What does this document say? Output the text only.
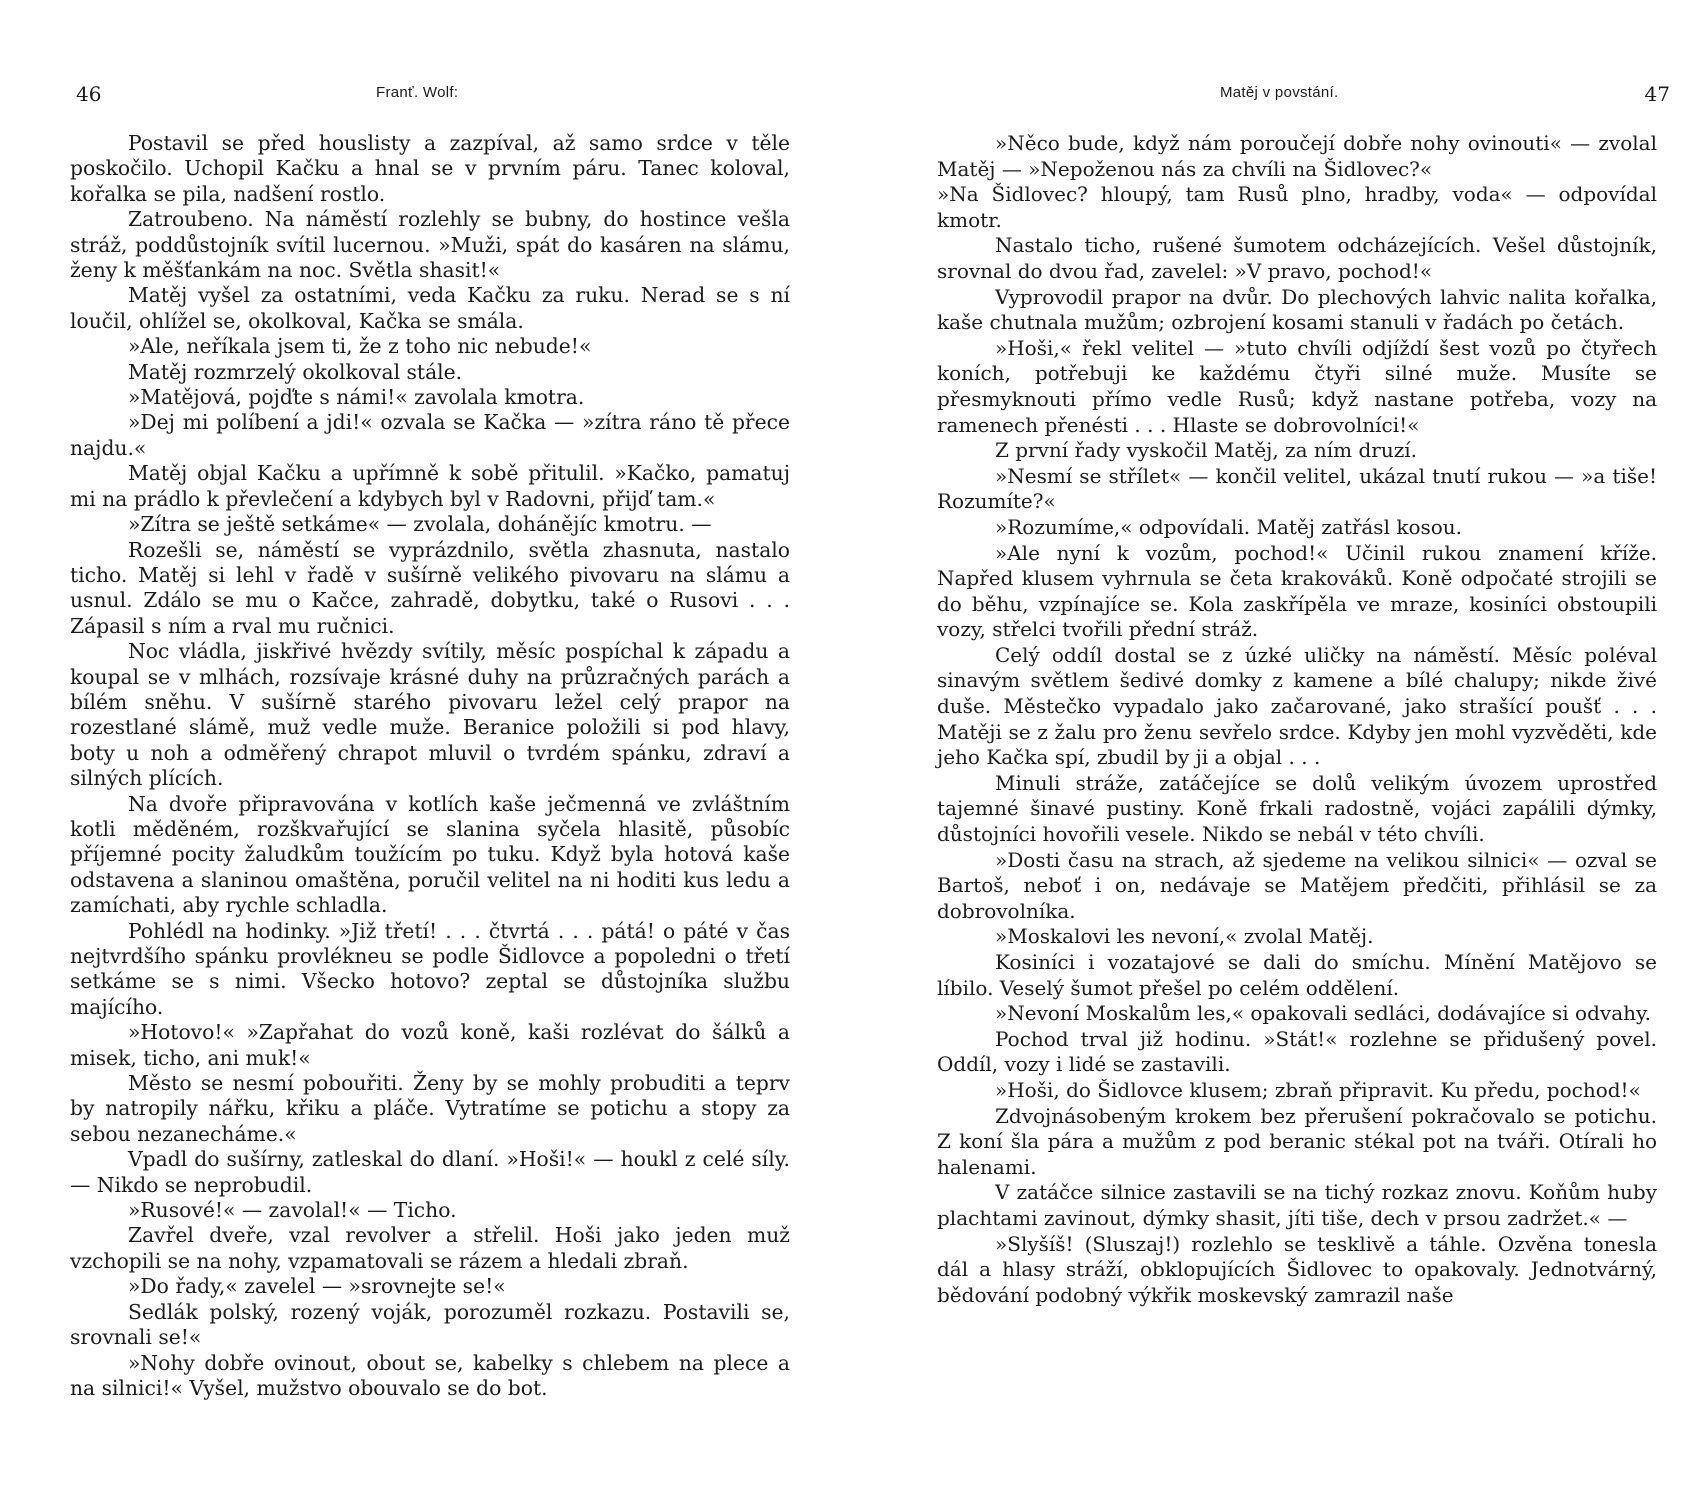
46	Franť. Wolf:

Postavil se před houslisty a zazpíval, až samo srdce v těle poskočilo. Uchopil Kačku a hnal se v prvním páru. Tanec koloval, kořalka se pila, nadšení rostlo.

Zatroubeno. Na náměstí rozlehly se bubny, do hostince vešla stráž, poddůstojník svítil lucernou. »Muži, spát do kasáren na slámu, ženy k měšťankám na noc. Světla shasit!«

Matěj vyšel za ostatními, veda Kačku za ruku. Nerad se s ní loučil, ohlížel se, okolkoval, Kačka se smála.

»Ale, neříkala jsem ti, že z toho nic nebude!«

Matěj rozmrzelý okolkoval stále.

»Matějová, pojďte s námi!« zavolala kmotra.

»Dej mi políbení a jdi!« ozvala se Kačka — »zítra ráno tě přece najdu.«

Matěj objal Kačku a upřímně k sobě přitulil. »Kačko, pamatuj mi na prádlo k převlečení a kdybych byl v Radovni, přijď tam.«

»Zítra se ještě setkáme« — zvolala, dohánějíc kmotru. —

Rozešli se, náměstí se vyprázdnilo, světla zhasnuta, nastalo ticho. Matěj si lehl v řadě v sušírně velikého pivovaru na slámu a usnul. Zdálo se mu o Kačce, zahradě, dobytku, také o Rusovi . . . Zápasil s ním a rval mu ručnici.

Noc vládla, jiskřivé hvězdy svítily, měsíc pospíchal k západu a koupal se v mlhách, rozsívaje krásné duhy na průzračných parách a bílém sněhu. V sušírně starého pivovaru ležel celý prapor na rozestlané slámě, muž vedle muže. Beranice položili si pod hlavy, boty u noh a odměřený chrapot mluvil o tvrdém spánku, zdraví a silných plících.

Na dvoře připravována v kotlích kaše ječmenná ve zvláštním kotli měděném, rozškvařující se slanina syčela hlasitě, působíc příjemné pocity žaludkům toužícím po tuku. Když byla hotová kaše odstavena a slaninou omaštěna, poručil velitel na ni hoditi kus ledu a zamíchati, aby rychle schladla.

Pohlédl na hodinky. »Již třetí! . . . čtvrtá . . . pátá! o páté v čas nejtvrdšího spánku provlékneu se podle Šidlovce a popoledni o třetí setkáme se s nimi. Všecko hotovo? zeptal se důstojníka službu majícího.

»Hotovo!« »Zapřahat do vozů koně, kaši rozlévat do šálků a misek, ticho, ani muk!«

Město se nesmí pobouřiti. Ženy by se mohly probuditi a teprv by natropily nářku, křiku a pláče. Vytratíme se potichu a stopy za sebou nezanecháme.«

Vpadl do sušírny, zatleskal do dlaní. »Hoši!« — houkl z celé síly. — Nikdo se neprobudil.

»Rusové!« — zavolal!« — Ticho.

Zavřel dveře, vzal revolver a střelil. Hoši jako jeden muž vzchopili se na nohy, vzpamatovali se rázem a hledali zbraň.

»Do řady,« zavelel — »srovnejte se!«

Sedlák polský, rozený voják, porozuměl rozkazu. Postavili se, srovnali se!«

»Nohy dobře ovinout, obout se, kabelky s chlebem na plece a na silnici!« Vyšel, mužstvo obouvalo se do bot.

Matěj v povstání.	47

»Něco bude, když nám poroučejí dobře nohy ovinouti« — zvolal Matěj — »Nepoženou nás za chvíli na Šidlovec?«

»Na Šidlovec? hloupý, tam Rusů plno, hradby, voda« — odpovídal kmotr.

Nastalo ticho, rušené šumotem odcházejících. Vešel důstojník, srovnal do dvou řad, zavelel: »V pravo, pochod!«

Vyprovodil prapor na dvůr. Do plechových lahvic nalita kořalka, kaše chutnala mužům; ozbrojení kosami stanuli v řadách po četách.

»Hoši,« řekl velitel — »tuto chvíli odjíždí šest vozů po čtyřech koních, potřebuji ke každému čtyři silné muže. Musíte se přesmyknouti přímo vedle Rusů; když nastane potřeba, vozy na ramenech přenésti . . . Hlaste se dobrovolníci!«

Z první řady vyskočil Matěj, za ním druzí.

»Nesmí se střílet« — končil velitel, ukázal tnutí rukou — »a tiše! Rozumíte?«

»Rozumíme,« odpovídali. Matěj zatřásl kosou.

»Ale nyní k vozům, pochod!« Učinil rukou znamení kříže. Napřed klusem vyhrnula se četa krakováků. Koně odpočaté strojili se do běhu, vzpínajíce se. Kola zaskřípěla ve mraze, kosiníci obstoupili vozy, střelci tvořili přední stráž.

Celý oddíl dostal se z úzké uličky na náměstí. Měsíc poléval sinavým světlem šedivé domky z kamene a bílé chalupy; nikde živé duše. Městečko vypadalo jako začarované, jako strašící poušť . . . Matěji se z žalu pro ženu sevřelo srdce. Kdyby jen mohl vyzvěděti, kde jeho Kačka spí, zbudil by ji a objal . . .

Minuli stráže, zatáčejíce se dolů velikým úvozem uprostřed tajemné šinavé pustiny. Koně frkali radostně, vojáci zapálili dýmky, důstojníci hovořili vesele. Nikdo se nebál v této chvíli.

»Dosti času na strach, až sjedeme na velikou silnici« — ozval se Bartoš, neboť i on, nedávaje se Matějem předčiti, přihlásil se za dobrovolníka.

»Moskalovi les nevoní,« zvolal Matěj.

Kosiníci i vozatajové se dali do smíchu. Mínění Matějovo se líbilo. Veselý šumot přešel po celém oddělení.

»Nevoní Moskalům les,« opakovali sedláci, dodávajíce si odvahy.

Pochod trval již hodinu. »Stát!« rozlehne se přidušený povel. Oddíl, vozy i lidé se zastavili.

»Hoši, do Šidlovce klusem; zbraň připravit. Ku předu, pochod!«

Zdvojnásobeným krokem bez přerušení pokračovalo se potichu. Z koní šla pára a mužům z pod beranic stékal pot na tváři. Otírali ho halenami.

V zatáčce silnice zastavili se na tichý rozkaz znovu. Koňům huby plachtami zavinout, dýmky shasit, jíti tiše, dech v prsou zadržet.« —

»Slyšíš! (Sluszaj!) rozlehlo se tesklivě a táhle. Ozvěna tonesla dál a hlasy stráží, obklopujících Šidlovec to opakovaly. Jednotvárný, bědování podobný výkřik moskevský zamrazil naše
